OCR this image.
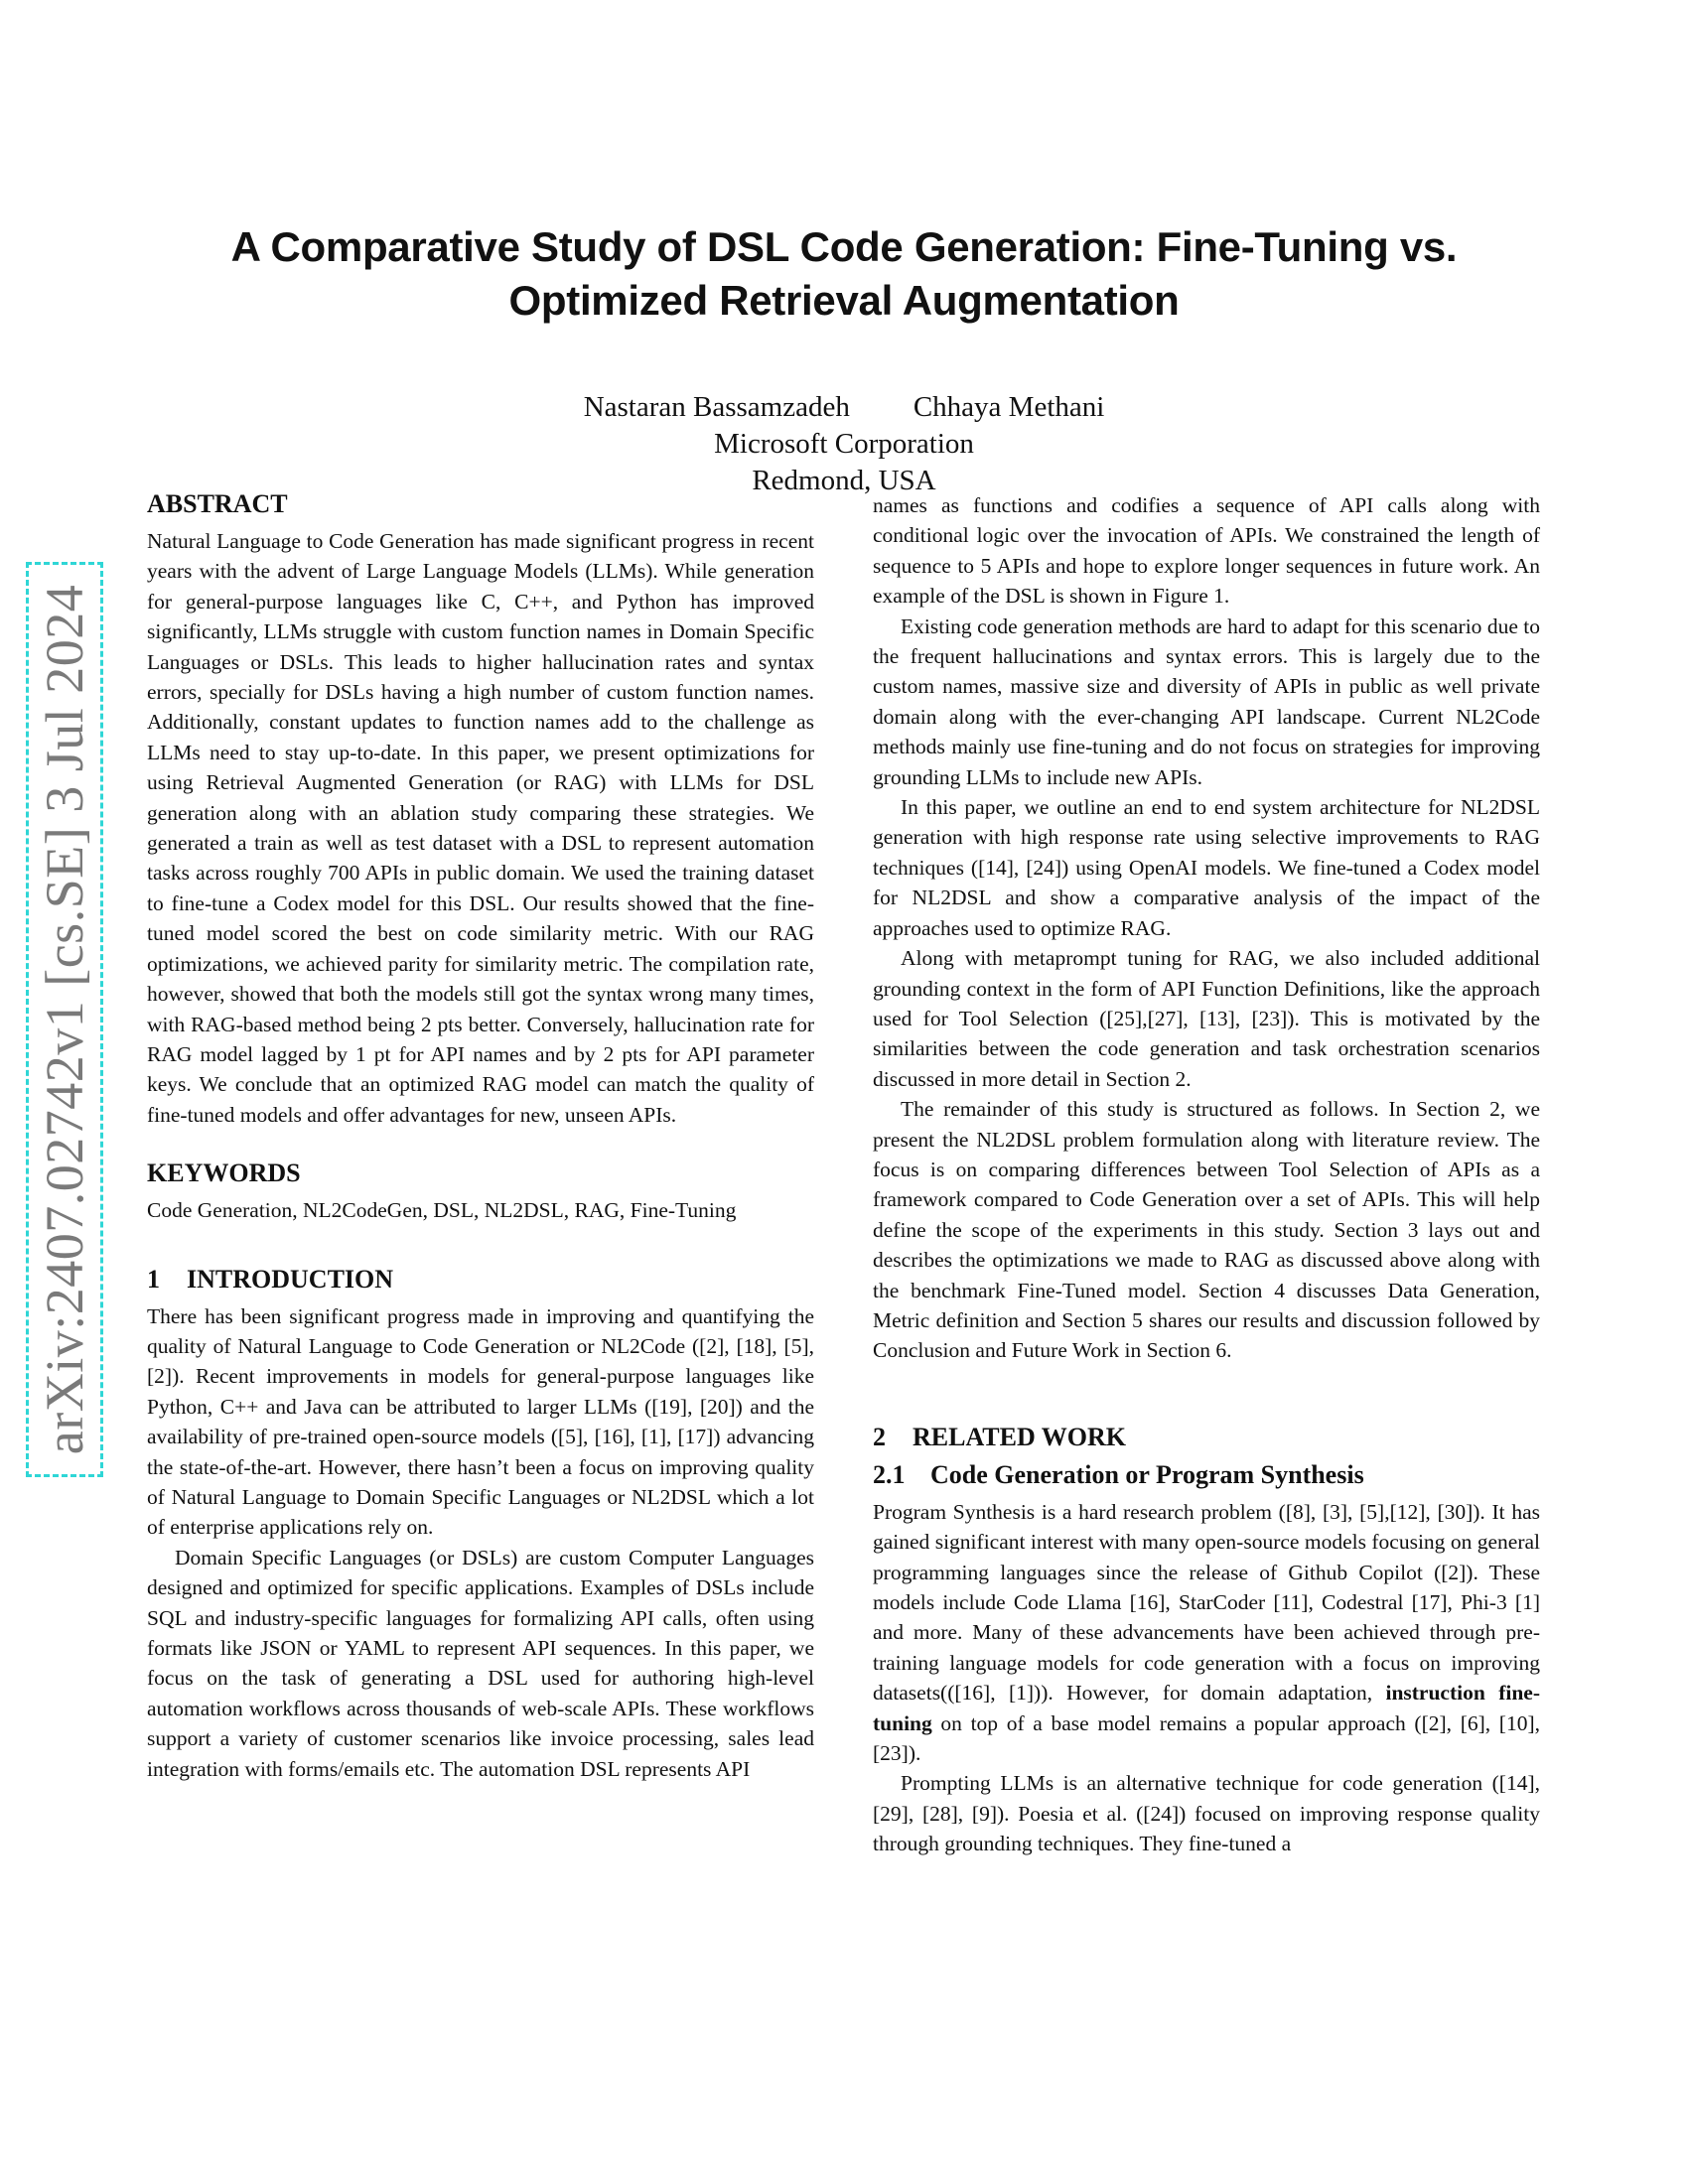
A Comparative Study of DSL Code Generation: Fine-Tuning vs.
Optimized Retrieval Augmentation
Nastaran Bassamzadeh Chhaya Methani
Microsoft Corporation
Redmond, USA
arXiv:2407.02742v1 [cs.SE] 3 Jul 2024
ABSTRACT

Natural Language to Code Generation has made significant progress in recent years with the advent of Large Language Models (LLMs). While generation for general-purpose languages like C, C++, and Python has improved significantly, LLMs struggle with custom function names in Domain Specific Languages or DSLs. This leads to higher hallucination rates and syntax errors, specially for DSLs having a high number of custom function names. Additionally, constant updates to function names add to the challenge as LLMs need to stay up-to-date. In this paper, we present optimizations for using Retrieval Augmented Generation (or RAG) with LLMs for DSL generation along with an ablation study comparing these strategies. We generated a train as well as test dataset with a DSL to represent automation tasks across roughly 700 APIs in public domain. We used the training dataset to fine-tune a Codex model for this DSL. Our results showed that the fine-tuned model scored the best on code similarity metric. With our RAG optimizations, we achieved parity for similarity metric. The compilation rate, however, showed that both the models still got the syntax wrong many times, with RAG-based method being 2 pts better. Conversely, hallucination rate for RAG model lagged by 1 pt for API names and by 2 pts for API parameter keys. We conclude that an optimized RAG model can match the quality of fine-tuned models and offer advantages for new, unseen APIs.

KEYWORDS

Code Generation, NL2CodeGen, DSL, NL2DSL, RAG, Fine-Tuning

1 INTRODUCTION

There has been significant progress made in improving and quantifying the quality of Natural Language to Code Generation or NL2Code ([2], [18], [5], [2]). Recent improvements in models for general-purpose languages like Python, C++ and Java can be attributed to larger LLMs ([19], [20]) and the availability of pre-trained open-source models ([5], [16], [1], [17]) advancing the state-of-the-art. However, there hasn’t been a focus on improving quality of Natural Language to Domain Specific Languages or NL2DSL which a lot of enterprise applications rely on.

Domain Specific Languages (or DSLs) are custom Computer Languages designed and optimized for specific applications. Examples of DSLs include SQL and industry-specific languages for formalizing API calls, often using formats like JSON or YAML to represent API sequences. In this paper, we focus on the task of generating a DSL used for authoring high-level automation workflows across thousands of web-scale APIs. These workflows support a variety of customer scenarios like invoice processing, sales lead integration with forms/emails etc. The automation DSL represents API

names as functions and codifies a sequence of API calls along with conditional logic over the invocation of APIs. We constrained the length of sequence to 5 APIs and hope to explore longer sequences in future work. An example of the DSL is shown in Figure 1.

Existing code generation methods are hard to adapt for this scenario due to the frequent hallucinations and syntax errors. This is largely due to the custom names, massive size and diversity of APIs in public as well private domain along with the ever-changing API landscape. Current NL2Code methods mainly use fine-tuning and do not focus on strategies for improving grounding LLMs to include new APIs.

In this paper, we outline an end to end system architecture for NL2DSL generation with high response rate using selective improvements to RAG techniques ([14], [24]) using OpenAI models. We fine-tuned a Codex model for NL2DSL and show a comparative analysis of the impact of the approaches used to optimize RAG.

Along with metaprompt tuning for RAG, we also included additional grounding context in the form of API Function Definitions, like the approach used for Tool Selection ([25],[27], [13], [23]). This is motivated by the similarities between the code generation and task orchestration scenarios discussed in more detail in Section 2.

The remainder of this study is structured as follows. In Section 2, we present the NL2DSL problem formulation along with literature review. The focus is on comparing differences between Tool Selection of APIs as a framework compared to Code Generation over a set of APIs. This will help define the scope of the experiments in this study. Section 3 lays out and describes the optimizations we made to RAG as discussed above along with the benchmark Fine-Tuned model. Section 4 discusses Data Generation, Metric definition and Section 5 shares our results and discussion followed by Conclusion and Future Work in Section 6.

2 RELATED WORK
2.1 Code Generation or Program Synthesis

Program Synthesis is a hard research problem ([8], [3], [5],[12], [30]). It has gained significant interest with many open-source models focusing on general programming languages since the release of Github Copilot ([2]). These models include Code Llama [16], StarCoder [11], Codestral [17], Phi-3 [1] and more. Many of these advancements have been achieved through pre-training language models for code generation with a focus on improving datasets(([16], [1])). However, for domain adaptation, instruction fine-tuning on top of a base model remains a popular approach ([2], [6], [10], [23]).

Prompting LLMs is an alternative technique for code generation ([14], [29], [28], [9]). Poesia et al. ([24]) focused on improving response quality through grounding techniques. They fine-tuned a
